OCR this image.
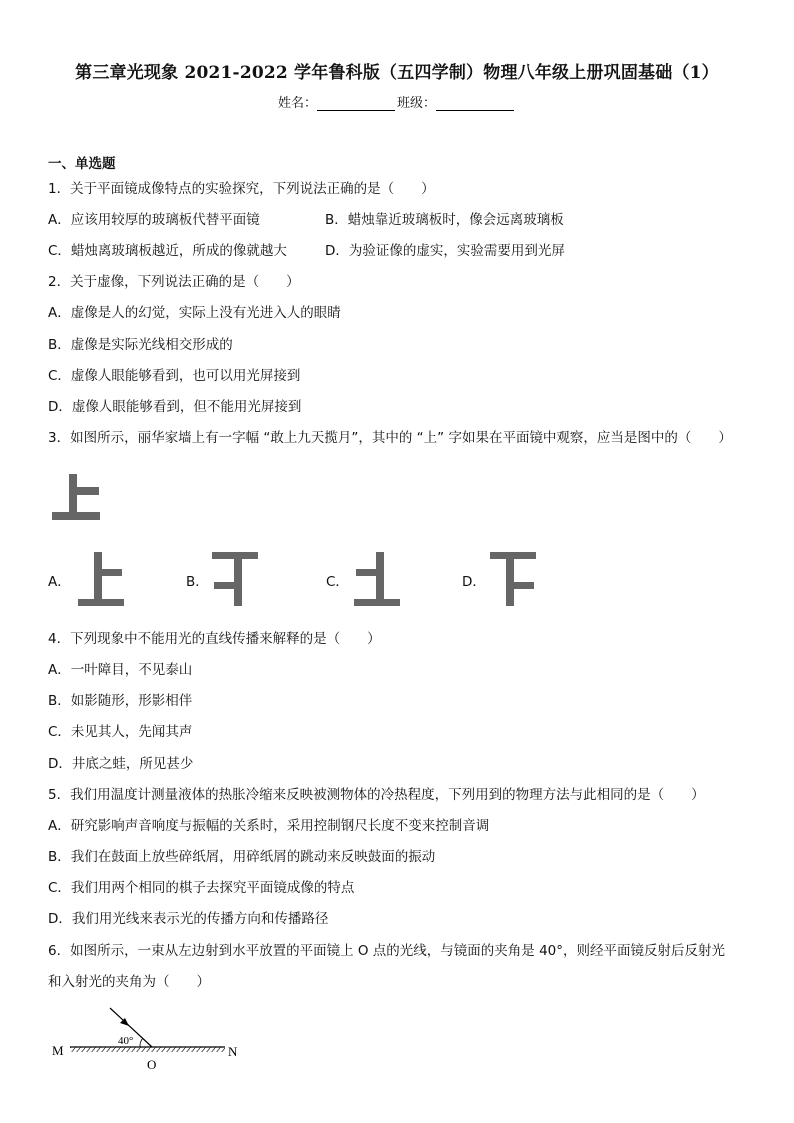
第三章光现象 2021-2022 学年鲁科版（五四学制）物理八年级上册巩固基础（1）
姓名：	班级：
一、单选题
1．关于平面镜成像特点的实验探究，下列说法正确的是（　　）
A．应该用较厚的玻璃板代替平面镜	B．蜡烛靠近玻璃板时，像会远离玻璃板
C．蜡烛离玻璃板越近，所成的像就越大	D．为验证像的虚实，实验需要用到光屏
2．关于虚像，下列说法正确的是（　　）
A．虚像是人的幻觉，实际上没有光进入人的眼睛
B．虚像是实际光线相交形成的
C．虚像人眼能够看到，也可以用光屏接到
D．虚像人眼能够看到，但不能用光屏接到
3．如图所示，丽华家墙上有一字幅 “敢上九天揽月”，其中的 “上” 字如果在平面镜中观察，应当是图中的（　　）
A．	B．	C．	D．
4．下列现象中不能用光的直线传播来解释的是（　　）
A．一叶障目，不见泰山
B．如影随形，形影相伴
C．未见其人，先闻其声
D．井底之蛙，所见甚少
5．我们用温度计测量液体的热胀冷缩来反映被测物体的冷热程度，下列用到的物理方法与此相同的是（　　）
A．研究影响声音响度与振幅的关系时，采用控制钢尺长度不变来控制音调
B．我们在鼓面上放些碎纸屑，用碎纸屑的跳动来反映鼓面的振动
C．我们用两个相同的棋子去探究平面镜成像的特点
D．我们用光线来表示光的传播方向和传播路径
6．如图所示，一束从左边射到水平放置的平面镜上 O 点的光线，与镜面的夹角是 40°，则经平面镜反射后反射光
和入射光的夹角为（　　）
40°
M	N
O
